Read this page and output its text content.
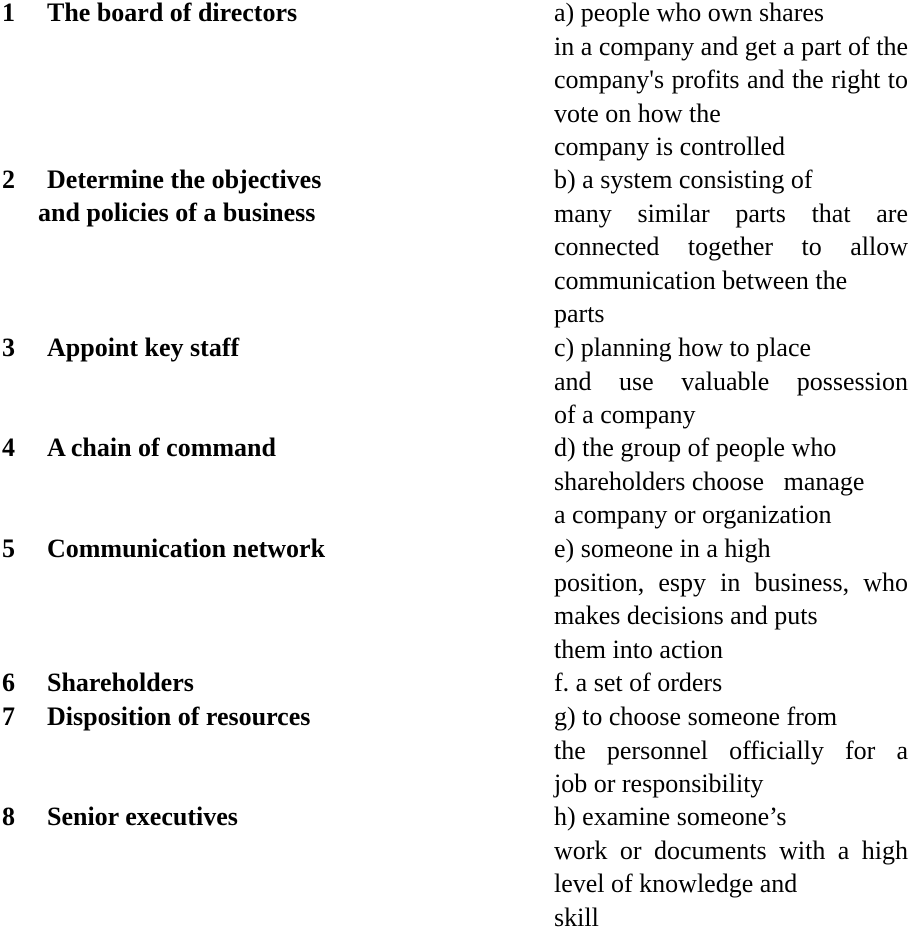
1 The board of directors
2 Determine the objectives
and policies of a business
3 Appoint key staff
4 A chain of command
5 Communication network
6 Shareholders
7 Disposition of resources
8 Senior executives
a) people who own shares
in a company and get a part of the company's profits and the right to vote on how the
company is controlled
b) a system consisting of
many similar parts that are connected together to allow communication between the
parts
c) planning how to place
and use valuable possession
of a company
d) the group of people who
shareholders choose   manage
a company or organization
e) someone in a high
position, espy in business, who makes decisions and puts
them into action
f. a set of orders
g) to choose someone from
the personnel officially for a
job or responsibility
h) examine someone’s
work or documents with a high level of knowledge and
skill
